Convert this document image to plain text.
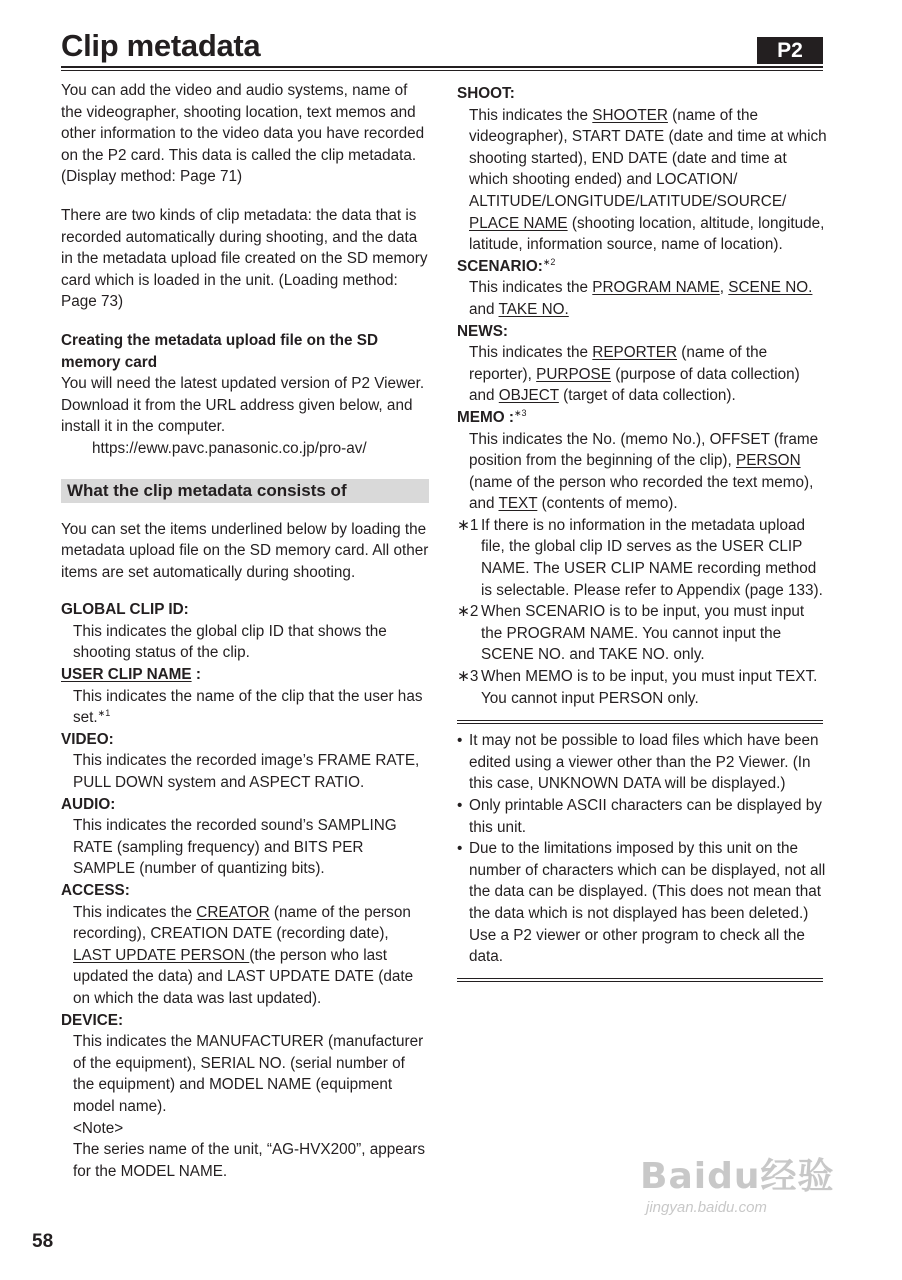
Clip metadata	P2

You can add the video and audio systems, name of the videographer, shooting location, text memos and other information to the video data you have recorded on the P2 card. This data is called the clip metadata. (Display method: Page 71)

There are two kinds of clip metadata: the data that is recorded automatically during shooting, and the data in the metadata upload file created on the SD memory card which is loaded in the unit. (Loading method: Page 73)

Creating the metadata upload file on the SD memory card

You will need the latest updated version of P2 Viewer. Download it from the URL address given below, and install it in the computer.

https://eww.pavc.panasonic.co.jp/pro-av/

What the clip metadata consists of

You can set the items underlined below by loading the metadata upload file on the SD memory card. All other items are set automatically during shooting.

GLOBAL CLIP ID:

This indicates the global clip ID that shows the shooting status of the clip.

USER CLIP NAME :

This indicates the name of the clip that the user has set.$^{∗1}$

VIDEO:

This indicates the recorded image’s FRAME RATE, PULL DOWN system and ASPECT RATIO.

AUDIO:

This indicates the recorded sound’s SAMPLING RATE (sampling frequency) and BITS PER SAMPLE (number of quantizing bits).

ACCESS:

This indicates the CREATOR (name of the person recording), CREATION DATE (recording date), LAST UPDATE PERSON (the person who last updated the data) and LAST UPDATE DATE (date on which the data was last updated).

DEVICE:

This indicates the MANUFACTURER (manufacturer of the equipment), SERIAL NO. (serial number of the equipment) and MODEL NAME (equipment model name).

<Note>

The series name of the unit, “AG-HVX200”, appears for the MODEL NAME.

SHOOT:

This indicates the SHOOTER (name of the videographer), START DATE (date and time at which shooting started), END DATE (date and time at which shooting ended) and LOCATION/ ALTITUDE/LONGITUDE/LATITUDE/SOURCE/ PLACE NAME (shooting location, altitude, longitude, latitude, information source, name of location).

SCENARIO:$^{∗2}$

This indicates the PROGRAM NAME, SCENE NO. and TAKE NO.

NEWS:

This indicates the REPORTER (name of the reporter), PURPOSE (purpose of data collection) and OBJECT (target of data collection).

MEMO :$^{∗3}$

This indicates the No. (memo No.), OFFSET (frame position from the beginning of the clip), PERSON (name of the person who recorded the text memo), and TEXT (contents of memo).

∗1 If there is no information in the metadata upload file, the global clip ID serves as the USER CLIP NAME. The USER CLIP NAME recording method is selectable. Please refer to Appendix (page 133).
∗2 When SCENARIO is to be input, you must input the PROGRAM NAME. You cannot input the SCENE NO. and TAKE NO. only.
∗3 When MEMO is to be input, you must input TEXT. You cannot input PERSON only.
• It may not be possible to load files which have been edited using a viewer other than the P2 Viewer. (In this case, UNKNOWN DATA will be displayed.)
• Only printable ASCII characters can be displayed by this unit.
• Due to the limitations imposed by this unit on the number of characters which can be displayed, not all the data can be displayed. (This does not mean that the data which is not displayed has been deleted.) Use a P2 viewer or other program to check all the data.
58
Baidu经验
jingyan.baidu.com
